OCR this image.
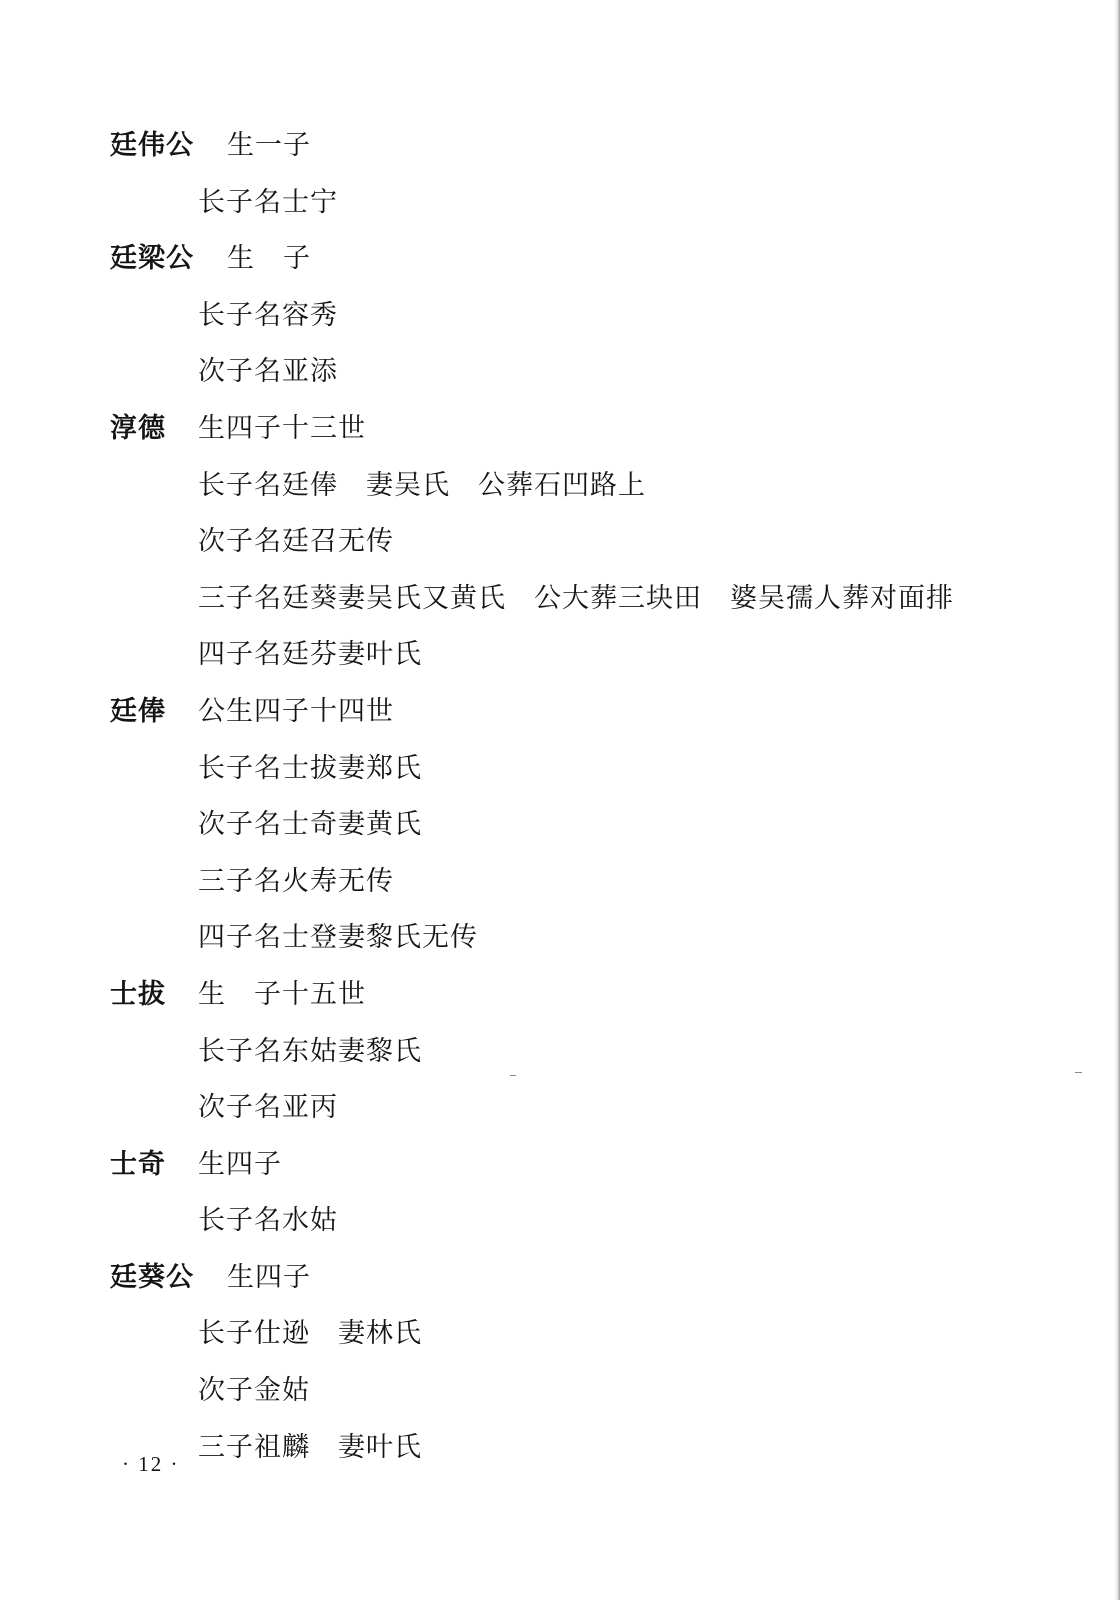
廷伟公 生一子
长子名士宁
廷梁公 生　子
长子名容秀
次子名亚添
淳德 生四子十三世
长子名廷俸　妻吴氏　公葬石凹路上
次子名廷召无传
三子名廷葵妻吴氏又黄氏　公大葬三块田　婆吴孺人葬对面排
四子名廷芬妻叶氏
廷俸 公生四子十四世
长子名士拔妻郑氏
次子名士奇妻黄氏
三子名火寿无传
四子名士登妻黎氏无传
士拔 生　子十五世
长子名东姑妻黎氏
次子名亚丙
士奇 生四子
长子名水姑
廷葵公 生四子
长子仕逊　妻林氏
次子金姑
三子祖麟　妻叶氏
· 12 ·
